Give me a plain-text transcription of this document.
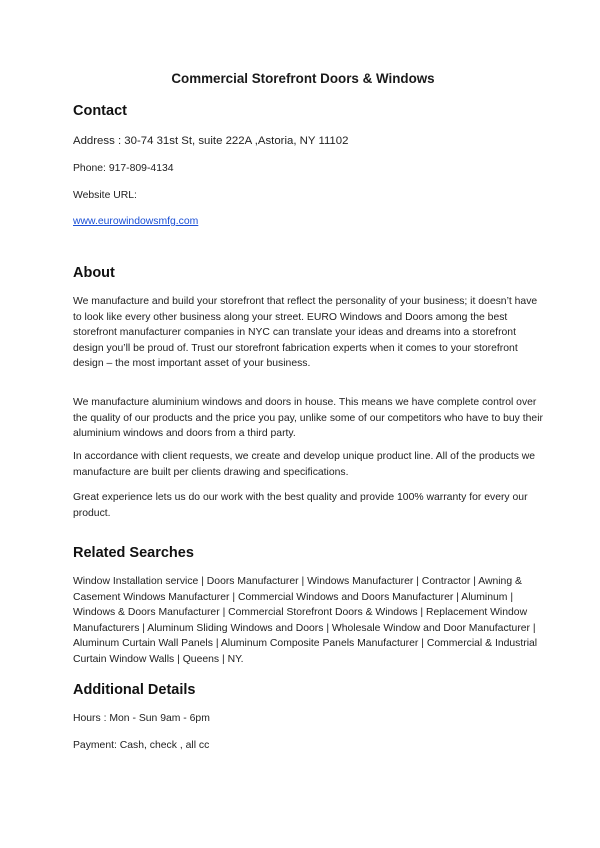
Commercial Storefront Doors & Windows
Contact

Address : 30-74 31st St, suite 222A ,Astoria, NY 11102

Phone: 917-809-4134

Website URL:

www.eurowindowsmfg.com

About

We manufacture and build your storefront that reflect the personality of your business; it doesn’t have to look like every other business along your street. EURO Windows and Doors among the best storefront manufacturer companies in NYC can translate your ideas and dreams into a storefront design you’ll be proud of. Trust our storefront fabrication experts when it comes to your storefront design – the most important asset of your business.

We manufacture aluminium windows and doors in house. This means we have complete control over the quality of our products and the price you pay, unlike some of our competitors who have to buy their aluminium windows and doors from a third party.

In accordance with client requests, we create and develop unique product line. All of the products we manufacture are built per clients drawing and specifications.

Great experience lets us do our work with the best quality and provide 100% warranty for every our product.

Related Searches

Window Installation service | Doors Manufacturer | Windows Manufacturer | Contractor | Awning & Casement Windows Manufacturer | Commercial Windows and Doors Manufacturer | Aluminum | Windows & Doors Manufacturer | Commercial Storefront Doors & Windows | Replacement Window Manufacturers | Aluminum Sliding Windows and Doors | Wholesale Window and Door Manufacturer | Aluminum Curtain Wall Panels | Aluminum Composite Panels Manufacturer | Commercial & Industrial Curtain Window Walls | Queens | NY.

Additional Details

Hours : Mon - Sun 9am - 6pm

Payment: Cash, check , all cc
